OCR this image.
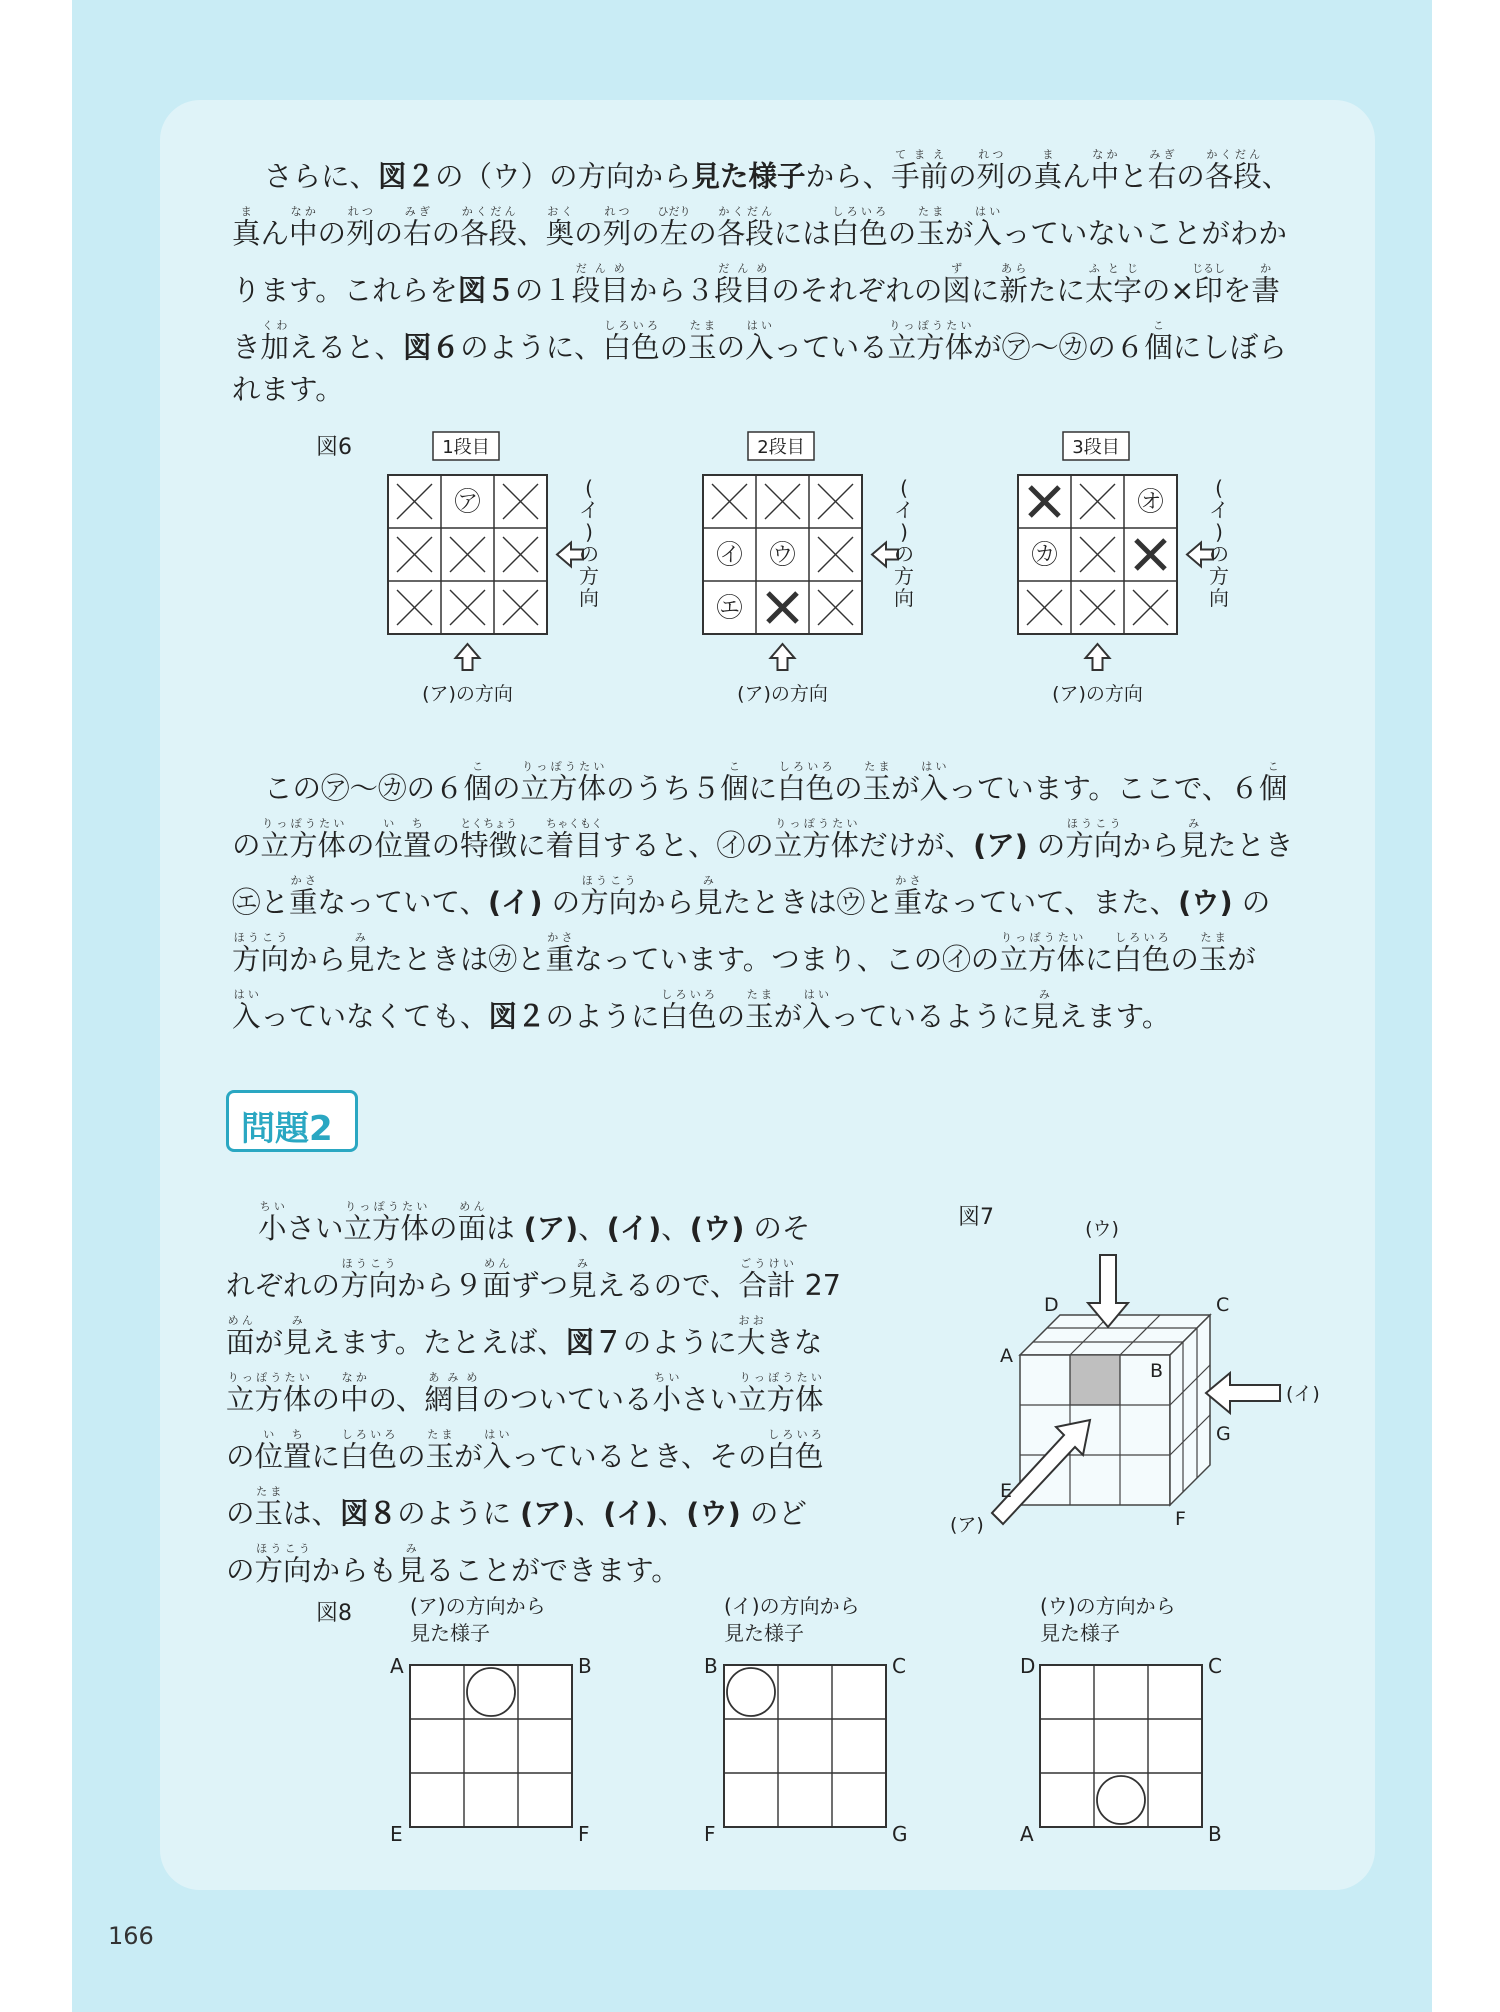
さらに、図２の（ウ）の方向から見た様子から、手前てまえの列れつの真まん中なかと右みぎの各段かくだん、
真まん中なかの列れつの右みぎの各段かくだん、奥おくの列れつの左ひだりの各段かくだんには白色しろいろの玉たまが入はいっていないことがわか
ります。これらを図５の１段目だんめから３段目だんめのそれぞれの図ずに新あらたに太字ふとじの×印じるしを書か
き加くわえると、図６のように、白色しろいろの玉たまの入はいっている立方体りっぽうたいが㋐～㋕の６個こにしぼら
れます。
図6	1段目
㋐
(ア)の方向
(イ)の方向
2段目
㋑ ㋒
㋓
(ア)の方向
(イ)の方向
3段目
㋔
㋕
(ア)の方向
(イ)の方向
この㋐～㋕の６個この立方体りっぽうたいのうち５個こに白色しろいろの玉たまが入はいっています。ここで、６個こ
の立方体りっぽうたいの位置いちの特徴とくちょうに着目ちゃくもくすると、㋑の立方体りっぽうたいだけが、(ア) の方向ほうこうから見みたとき
㋓と重かさなっていて、(イ) の方向ほうこうから見みたときは㋒と重かさなっていて、また、(ウ) の
方向ほうこうから見みたときは㋕と重かさなっています。つまり、この㋑の立方体りっぽうたいに白色しろいろの玉たまが
入はいっていなくても、図２のように白色しろいろの玉たまが入はいっているように見みえます。
問題2
小ちいさい立方体りっぽうたいの面めんは (ア)、(イ)、(ウ) のそ
れぞれの方向ほうこうから９面めんずつ見みえるので、合計ごうけい 27
面めんが見みえます。たとえば、図７のように大おおきな
立方体りっぽうたいの中なかの、網目あみめのついている小ちいさい立方体りっぽうたい
の位置いちに白色しろいろの玉たまが入はいっているとき、その白色しろいろ
の玉たまは、図８のように (ア)、(イ)、(ウ) のど
の方向ほうこうからも見みることができます。
図7	(ウ)
(イ)
(ア)
A
B
C
D
E
F
G
図8	(ア)の方向から
見た様子
A	B
E	F
(イ)の方向から
見た様子
B	C
F	G
(ウ)の方向から
見た様子
D	C
A	B
166
